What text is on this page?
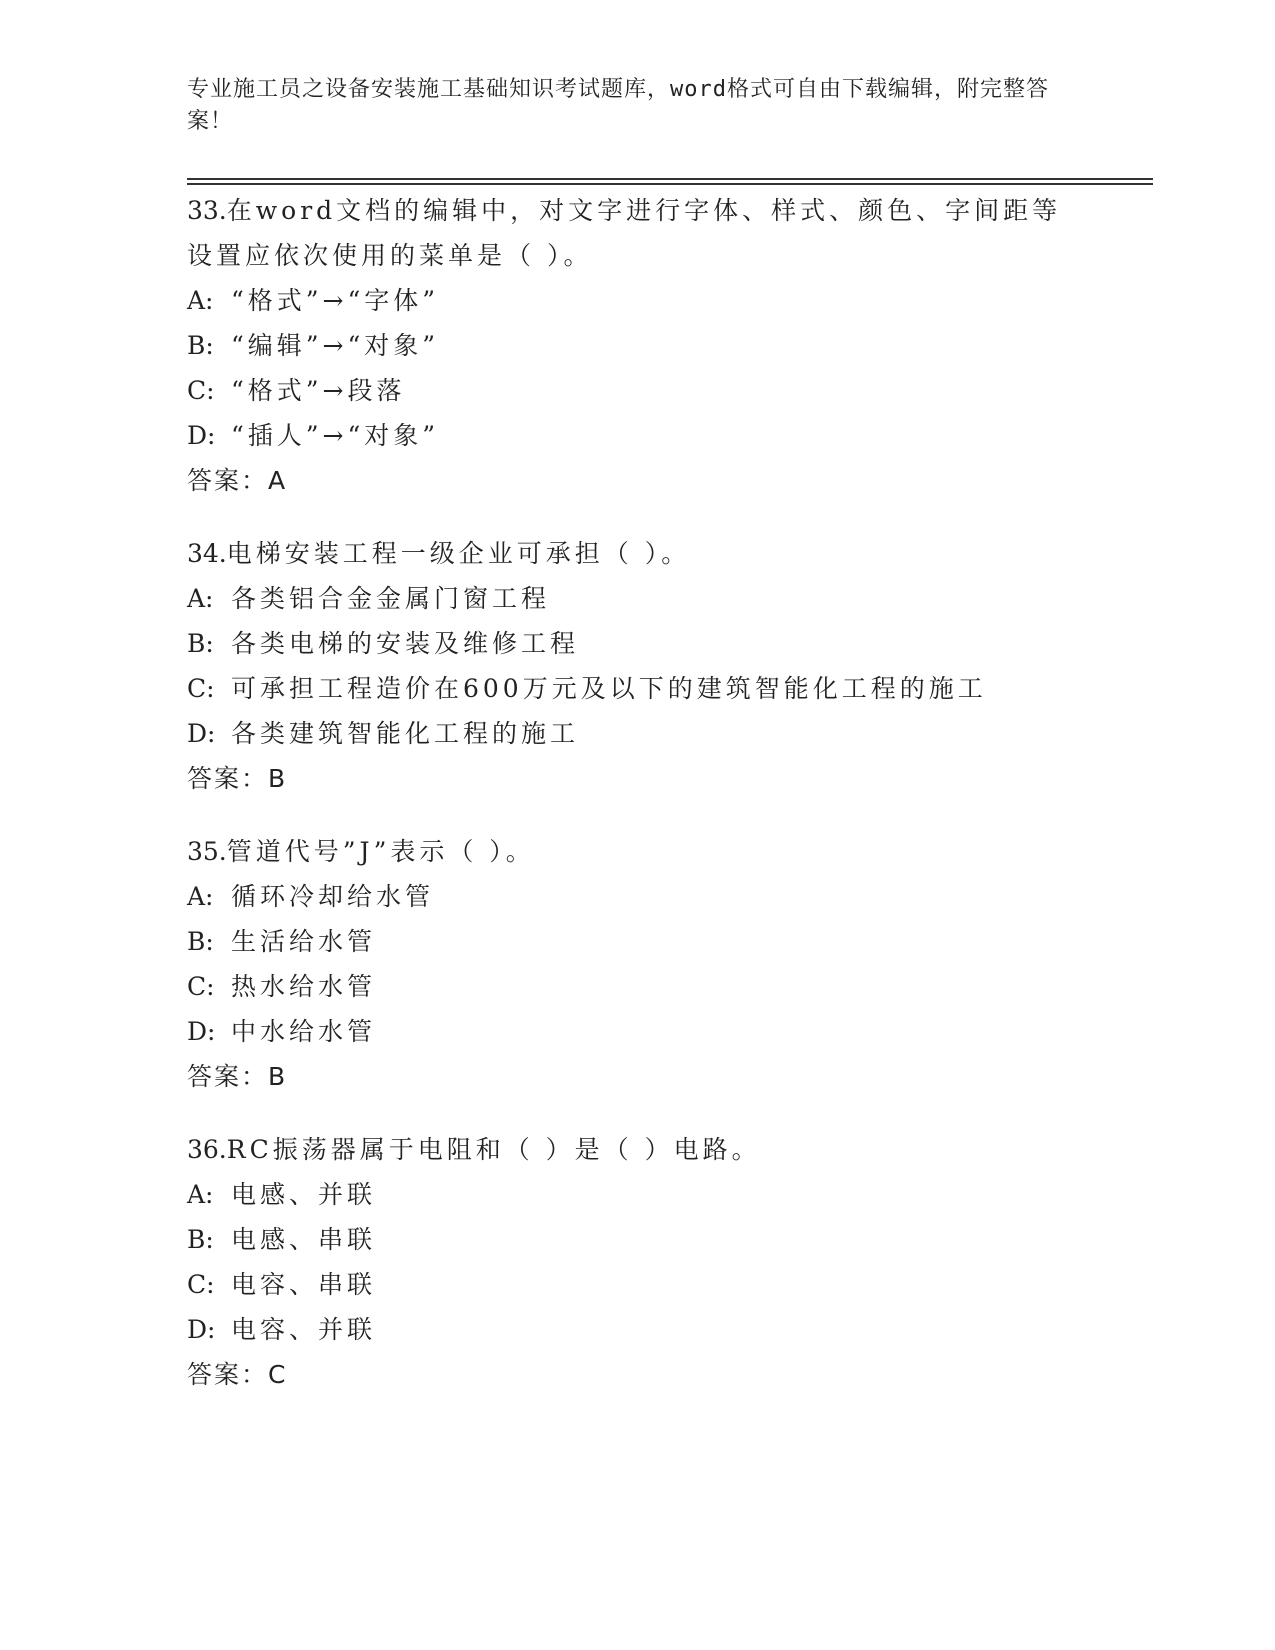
专业施工员之设备安装施工基础知识考试题库，word格式可自由下载编辑，附完整答案！

33.在word文档的编辑中，对文字进行字体、样式、颜色、字间距等设置应依次使用的菜单是（ ）。

A: “格式”→“字体”

B: “编辑”→“对象”

C: “格式”→段落

D: “插人”→“对象”

答案：A

34.电梯安装工程一级企业可承担（ ）。

A: 各类铝合金金属门窗工程

B: 各类电梯的安装及维修工程

C: 可承担工程造价在600万元及以下的建筑智能化工程的施工

D: 各类建筑智能化工程的施工

答案：B

35.管道代号”J”表示（ ）。

A: 循环冷却给水管

B: 生活给水管

C: 热水给水管

D: 中水给水管

答案：B

36.RC振荡器属于电阻和（ ）是（ ）电路。

A: 电感、并联

B: 电感、串联

C: 电容、串联

D: 电容、并联

答案：C
